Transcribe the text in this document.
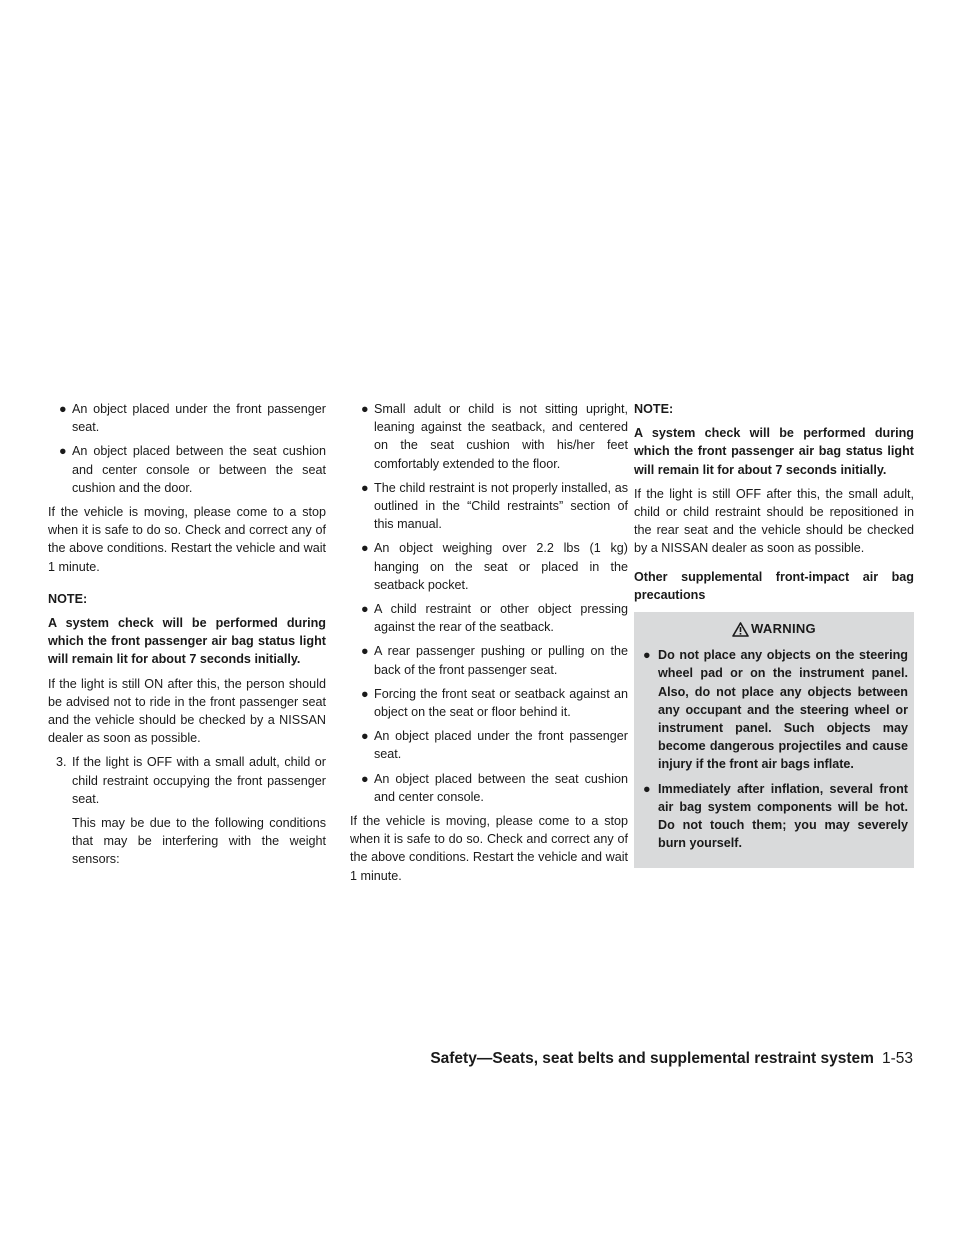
● An object placed under the front passenger seat.
● An object placed between the seat cushion and center console or between the seat cushion and the door.

If the vehicle is moving, please come to a stop when it is safe to do so. Check and correct any of the above conditions. Restart the vehicle and wait 1 minute.

NOTE:

A system check will be performed during which the front passenger air bag status light will remain lit for about 7 seconds initially.

If the light is still ON after this, the person should be advised not to ride in the front passenger seat and the vehicle should be checked by a NISSAN dealer as soon as possible.

3. If the light is OFF with a small adult, child or child restraint occupying the front passenger seat.

This may be due to the following conditions that may be interfering with the weight sensors:

● Small adult or child is not sitting upright, leaning against the seatback, and centered on the seat cushion with his/her feet comfortably extended to the floor.
● The child restraint is not properly installed, as outlined in the “Child restraints” section of this manual.
● An object weighing over 2.2 lbs (1 kg) hanging on the seat or placed in the seatback pocket.
● A child restraint or other object pressing against the rear of the seatback.
● A rear passenger pushing or pulling on the back of the front passenger seat.
● Forcing the front seat or seatback against an object on the seat or floor behind it.
● An object placed under the front passenger seat.
● An object placed between the seat cushion and center console.

If the vehicle is moving, please come to a stop when it is safe to do so. Check and correct any of the above conditions. Restart the vehicle and wait 1 minute.

NOTE:

A system check will be performed during which the front passenger air bag status light will remain lit for about 7 seconds initially.

If the light is still OFF after this, the small adult, child or child restraint should be repositioned in the rear seat and the vehicle should be checked by a NISSAN dealer as soon as possible.

Other supplemental front-impact air bag precautions

WARNING
● Do not place any objects on the steering wheel pad or on the instrument panel. Also, do not place any objects between any occupant and the steering wheel or instrument panel. Such objects may become dangerous projectiles and cause injury if the front air bags inflate.
● Immediately after inflation, several front air bag system components will be hot. Do not touch them; you may severely burn yourself.
Safety—Seats, seat belts and supplemental restraint system 1-53
